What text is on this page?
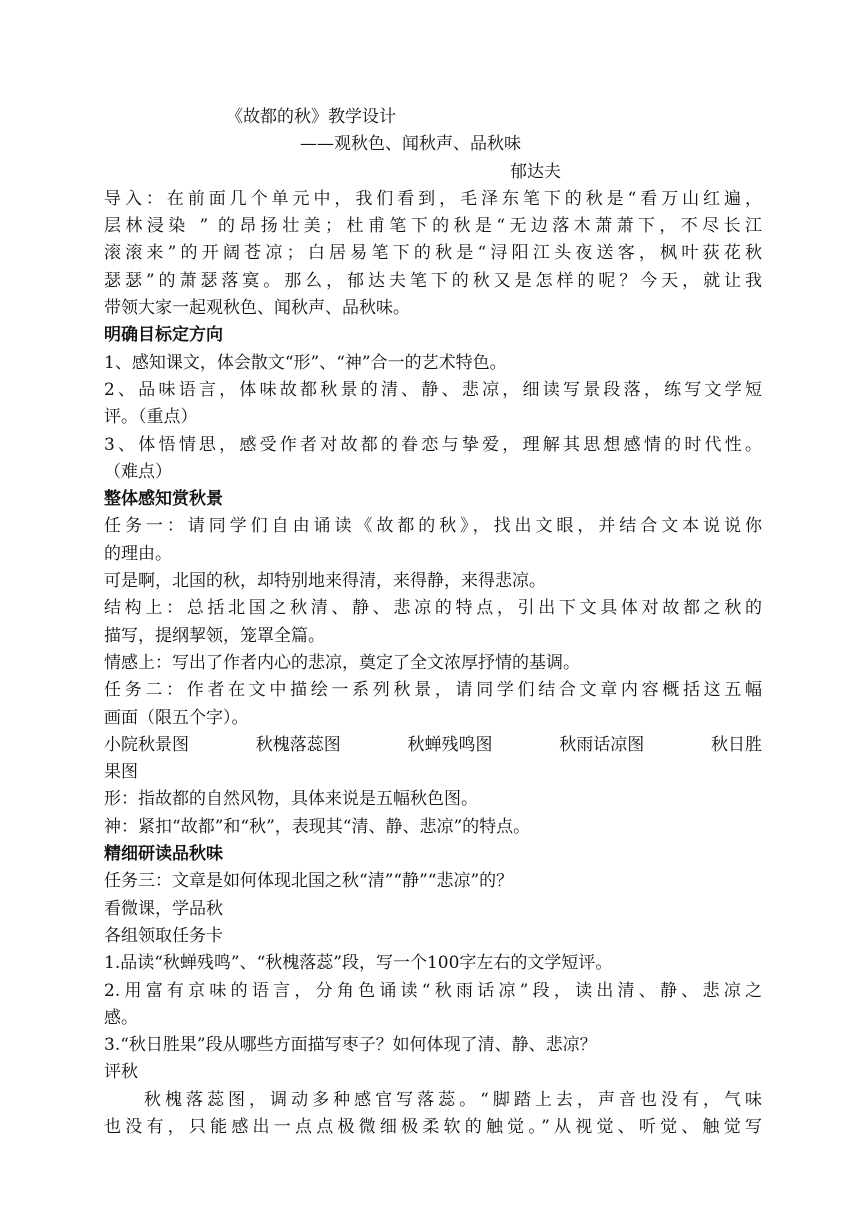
《故都的秋》教学设计
——观秋色、闻秋声、品秋味
郁达夫
导入：在前面几个单元中，我们看到，毛泽东笔下的秋是“看万山红遍，
层林浸染 ” 的昂扬壮美；杜甫笔下的秋是“无边落木萧萧下，不尽长江
滚滚来”的开阔苍凉；白居易笔下的秋是“浔阳江头夜送客，枫叶荻花秋
瑟瑟”的萧瑟落寞。那么，郁达夫笔下的秋又是怎样的呢？今天，就让我
带领大家一起观秋色、闻秋声、品秋味。
明确目标定方向
1、感知课文，体会散文“形”、“神”合一的艺术特色。
2、品味语言，体味故都秋景的清、静、悲凉，细读写景段落，练写文学短
评。（重点）
3、体悟情思，感受作者对故都的眷恋与挚爱，理解其思想感情的时代性。
（难点）
整体感知赏秋景
任务一：请同学们自由诵读《故都的秋》，找出文眼，并结合文本说说你
的理由。
可是啊，北国的秋，却特别地来得清，来得静，来得悲凉。
结构上：总括北国之秋清、静、悲凉的特点，引出下文具体对故都之秋的
描写，提纲挈领，笼罩全篇。
情感上：写出了作者内心的悲凉，奠定了全文浓厚抒情的基调。
任务二：作者在文中描绘一系列秋景，请同学们结合文章内容概括这五幅
画面（限五个字）。
小院秋景图	秋槐落蕊图	秋蝉残鸣图	秋雨话凉图	秋日胜
果图
形：指故都的自然风物，具体来说是五幅秋色图。
神：紧扣“故都”和“秋”，表现其“清、静、悲凉”的特点。
精细研读品秋味
任务三：文章是如何体现北国之秋“清”“静”“悲凉”的？
看微课，学品秋
各组领取任务卡
1.品读“秋蝉残鸣”、“秋槐落蕊”段，写一个100字左右的文学短评。
2.用富有京味的语言，分角色诵读“秋雨话凉”段，读出清、静、悲凉之
感。
3.“秋日胜果”段从哪些方面描写枣子？如何体现了清、静、悲凉？
评秋
秋槐落蕊图，调动多种感官写落蕊。“脚踏上去，声音也没有，气味
也没有，只能感出一点点极微细极柔软的触觉。”从视觉、听觉、触觉写
